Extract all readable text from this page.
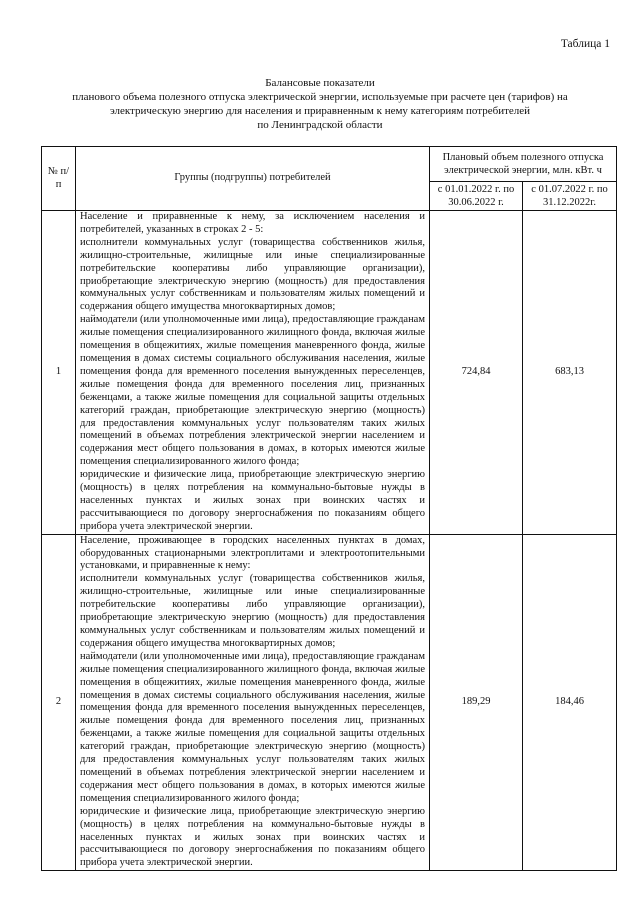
Таблица 1
Балансовые показатели
планового объема полезного отпуска электрической энергии, используемые при расчете цен (тарифов) на электрическую энергию для населения и приравненным к нему категориям потребителей
по Ленинградской области
№ п/п	Группы (подгруппы) потребителей	Плановый объем полезного отпуска электрической энергии, млн. кВт. ч	
		с 01.01.2022 г. по 30.06.2022 г.	с 01.07.2022 г. по 31.12.2022г.
1	Население и приравненные к нему, за исключением населения и потребителей, указанных в строках 2 - 5:
исполнители коммунальных услуг (товарищества собственников жилья, жилищно-строительные, жилищные или иные специализированные потребительские кооперативы либо управляющие организации), приобретающие электрическую энергию (мощность) для предоставления коммунальных услуг собственникам и пользователям жилых помещений и содержания общего имущества многоквартирных домов;
наймодатели (или уполномоченные ими лица), предоставляющие гражданам жилые помещения специализированного жилищного фонда, включая жилые помещения в общежитиях, жилые помещения маневренного фонда, жилые помещения в домах системы социального обслуживания населения, жилые помещения фонда для временного поселения вынужденных переселенцев, жилые помещения фонда для временного поселения лиц, признанных беженцами, а также жилые помещения для социальной защиты отдельных категорий граждан, приобретающие электрическую энергию (мощность) для предоставления коммунальных услуг пользователям таких жилых помещений в объемах потребления электрической энергии населением и содержания мест общего пользования в домах, в которых имеются жилые помещения специализированного жилого фонда;
юридические и физические лица, приобретающие электрическую энергию (мощность) в целях потребления на коммунально-бытовые нужды в населенных пунктах и жилых зонах при воинских частях и рассчитывающиеся по договору энергоснабжения по показаниям общего прибора учета электрической энергии.	724,84	683,13
2	Население, проживающее в городских населенных пунктах в домах, оборудованных стационарными электроплитами и электроотопительными установками, и приравненные к нему:
исполнители коммунальных услуг (товарищества собственников жилья, жилищно-строительные, жилищные или иные специализированные потребительские кооперативы либо управляющие организации), приобретающие электрическую энергию (мощность) для предоставления коммунальных услуг собственникам и пользователям жилых помещений и содержания общего имущества многоквартирных домов;
наймодатели (или уполномоченные ими лица), предоставляющие гражданам жилые помещения специализированного жилищного фонда, включая жилые помещения в общежитиях, жилые помещения маневренного фонда, жилые помещения в домах системы социального обслуживания населения, жилые помещения фонда для временного поселения вынужденных переселенцев, жилые помещения фонда для временного поселения лиц, признанных беженцами, а также жилые помещения для социальной защиты отдельных категорий граждан, приобретающие электрическую энергию (мощность) для предоставления коммунальных услуг пользователям таких жилых помещений в объемах потребления электрической энергии населением и содержания мест общего пользования в домах, в которых имеются жилые помещения специализированного жилого фонда;
юридические и физические лица, приобретающие электрическую энергию (мощность) в целях потребления на коммунально-бытовые нужды в населенных пунктах и жилых зонах при воинских частях и рассчитывающиеся по договору энергоснабжения по показаниям общего прибора учета электрической энергии.	189,29	184,46
